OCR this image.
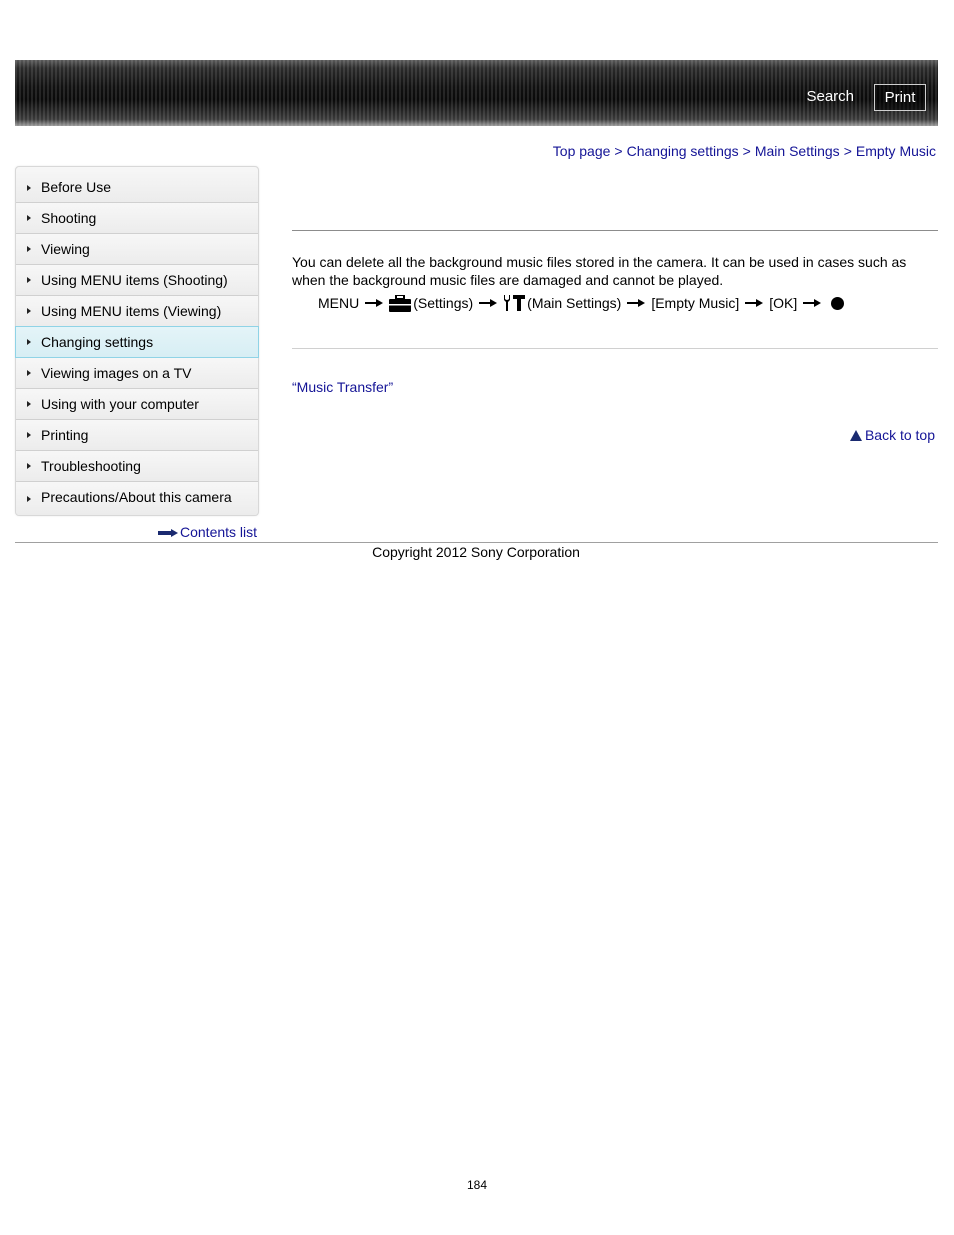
Search	Print
Top page > Changing settings > Main Settings > Empty Music
Before Use
Shooting
Viewing
Using MENU items (Shooting)
Using MENU items (Viewing)
Changing settings
Viewing images on a TV
Using with your computer
Printing
Troubleshooting
Precautions/About this camera
Contents list
You can delete all the background music files stored in the camera. It can be used in cases such as when the background music files are damaged and cannot be played.
MENU	(Settings)	(Main Settings) [Empty Music] [OK]
“Music Transfer”
Back to top
Copyright 2012 Sony Corporation
184
